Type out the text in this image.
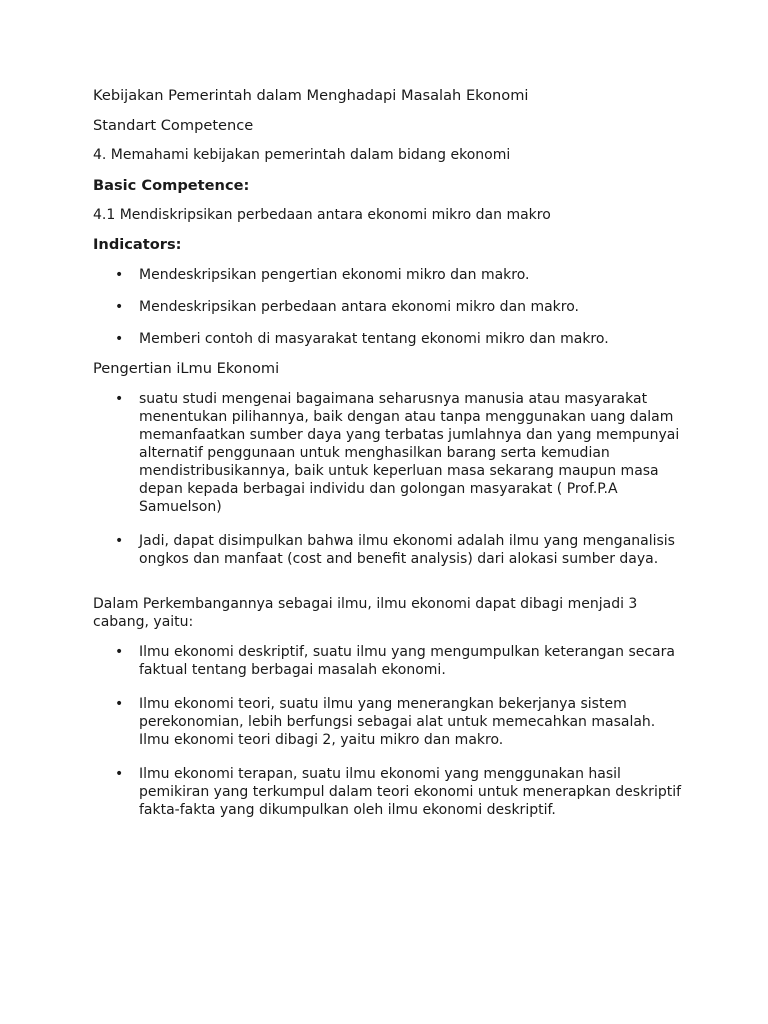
Kebijakan Pemerintah dalam Menghadapi Masalah Ekonomi

Standart Competence

4. Memahami kebijakan pemerintah dalam bidang ekonomi

Basic Competence:

4.1 Mendiskripsikan perbedaan antara ekonomi mikro dan makro

Indicators:

• Mendeskripsikan pengertian ekonomi mikro dan makro.
• Mendeskripsikan perbedaan antara ekonomi mikro dan makro.
• Memberi contoh di masyarakat tentang ekonomi mikro dan makro.

Pengertian iLmu Ekonomi

• suatu studi mengenai bagaimana seharusnya manusia atau masyarakat menentukan pilihannya, baik dengan atau tanpa menggunakan uang dalam memanfaatkan sumber daya yang terbatas jumlahnya dan yang mempunyai alternatif penggunaan untuk menghasilkan barang serta kemudian mendistribusikannya, baik untuk keperluan masa sekarang maupun masa depan kepada berbagai individu dan golongan masyarakat ( Prof.P.A Samuelson)
• Jadi, dapat disimpulkan bahwa ilmu ekonomi adalah ilmu yang menganalisis ongkos dan manfaat (cost and benefit analysis) dari alokasi sumber daya.

Dalam Perkembangannya sebagai ilmu, ilmu ekonomi dapat dibagi menjadi 3 cabang, yaitu:

• Ilmu ekonomi deskriptif, suatu ilmu yang mengumpulkan keterangan secara faktual tentang berbagai masalah ekonomi.
• Ilmu ekonomi teori, suatu ilmu yang menerangkan bekerjanya sistem perekonomian, lebih berfungsi sebagai alat untuk memecahkan masalah. Ilmu ekonomi teori dibagi 2, yaitu mikro dan makro.
• Ilmu ekonomi terapan, suatu ilmu ekonomi yang menggunakan hasil pemikiran yang terkumpul dalam teori ekonomi untuk menerapkan deskriptif fakta-fakta yang dikumpulkan oleh ilmu ekonomi deskriptif.
